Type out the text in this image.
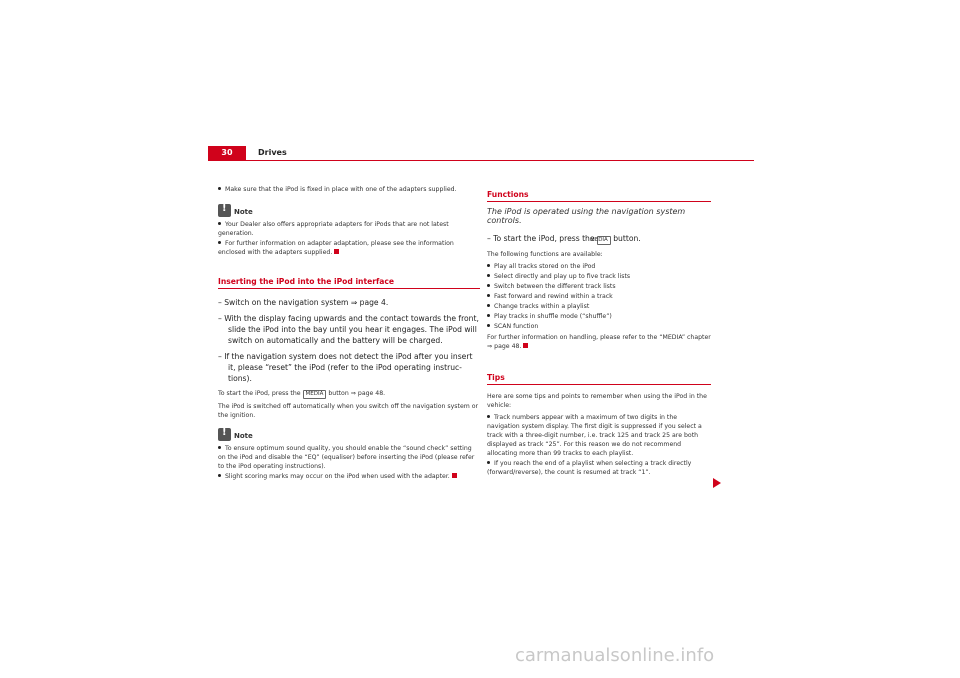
30	Drives

Make sure that the iPod is fixed in place with one of the adapters supplied.

!
Note

Your Dealer also offers appropriate adapters for iPods that are not latest generation.

For further information on adapter adaptation, please see the information enclosed with the adapters supplied.

Inserting the iPod into the iPod interface

– Switch on the navigation system ⇒ page 4.

– With the display facing upwards and the contact towards the front, slide the iPod into the bay until you hear it engages. The iPod will switch on automatically and the battery will be charged.

– If the navigation system does not detect the iPod after you insert it, please “reset” the iPod (refer to the iPod operating instruc-tions).

To start the iPod, press the MEDIA button ⇒ page 48.

The iPod is switched off automatically when you switch off the navigation system or the ignition.

!
Note

To ensure optimum sound quality, you should enable the “sound check” setting on the iPod and disable the “EQ” (equaliser) before inserting the iPod (please refer to the iPod operating instructions).

Slight scoring marks may occur on the iPod when used with the adapter.

Functions

The iPod is operated using the navigation system controls.

– To start the iPod, press the MEDIA button.

The following functions are available:

Play all tracks stored on the iPod

Select directly and play up to five track lists

Switch between the different track lists

Fast forward and rewind within a track

Change tracks within a playlist

Play tracks in shuffle mode (“shuffle”)

SCAN function

For further information on handling, please refer to the “MEDIA” chapter ⇒ page 48.

Tips

Here are some tips and points to remember when using the iPod in the vehicle:

Track numbers appear with a maximum of two digits in the navigation system display. The first digit is suppressed if you select a track with a three-digit number, i.e. track 125 and track 25 are both displayed as track “25”. For this reason we do not recommend allocating more than 99 tracks to each playlist.

If you reach the end of a playlist when selecting a track directly (forward/reverse), the count is resumed at track “1”.

carmanualsonline.info
